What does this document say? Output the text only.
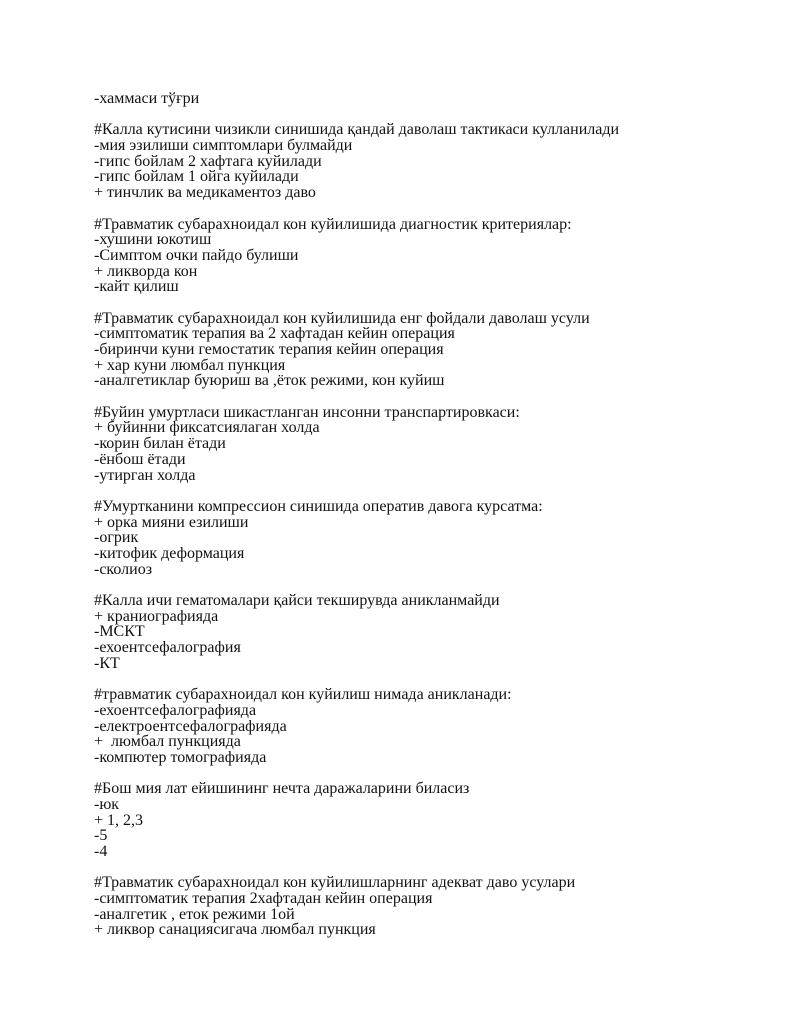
-хаммаси тўғри
#Калла кутисини чизикли синишида қандай даволаш тактикаси кулланилади
-мия эзилиши симптомлари булмайди
-гипс бойлам 2 хафтага куйилади
-гипс бойлам 1 ойга куйилади
+ тинчлик ва медикаментоз даво
#Травматик субарахноидал кон куйилишида диагностик критериялар:
-хушини юкотиш
-Симптом очки пайдо булиши
+ ликворда кон
-кайт қилиш
#Травматик субарахноидал кон куйилишида енг фойдали даволаш усули
-симптоматик терапия ва 2 хафтадан кейин операция
-биринчи куни гемостатик терапия кейин операция
+ хар куни люмбал пункция
-аналгетиклар буюриш ва ,ёток режими, кон куйиш
#Буйин умуртласи шикастланган инсонни транспартировкаси:
+ буйинни фиксатсиялаган холда
-корин билан ётади
-ёнбош ётади
-утирган холда
#Умуртканини компрессион синишида оператив давога курсатма:
+ орка мияни езилиши
-огрик
-китофик деформация
-сколиоз
#Калла ичи гематомалари қайси текширувда аникланмайди
+ краниографияда
-МСКТ
-ехоентсефалография
-КТ
#травматик субарахноидал кон куйилиш нимада аникланади:
-ехоентсефалографияда
-електроентсефалографияда
+  люмбал пункцияда
-компютер томографияда
#Бош мия лат ейишининг нечта даражаларини биласиз
-юк
+ 1, 2,3
-5
-4
#Травматик субарахноидал кон куйилишларнинг адекват даво усулари
-симптоматик терапия 2хафтадан кейин операция
-аналгетик , еток режими 1ой
+ ликвор санациясигача люмбал пункция
